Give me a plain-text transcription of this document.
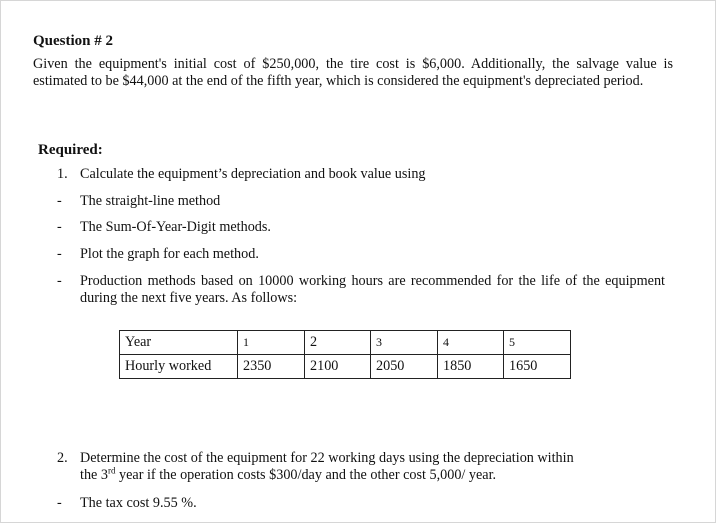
Question # 2
Given the equipment's initial cost of $250,000, the tire cost is $6,000. Additionally, the salvage value is estimated to be $44,000 at the end of the fifth year, which is considered the equipment's depreciated period.
Required:
1. Calculate the equipment’s depreciation and book value using
- The straight-line method
- The Sum-Of-Year-Digit methods.
- Plot the graph for each method.
- Production methods based on 10000 working hours are recommended for the life of the equipment during the next five years. As follows:
Year	1	2	3	4	5
Hourly worked	2350	2100	2050	1850	1650
2. Determine the cost of the equipment for 22 working days using the depreciation within
the 3rd year if the operation costs $300/day and the other cost 5,000/ year.
- The tax cost 9.55 %.
